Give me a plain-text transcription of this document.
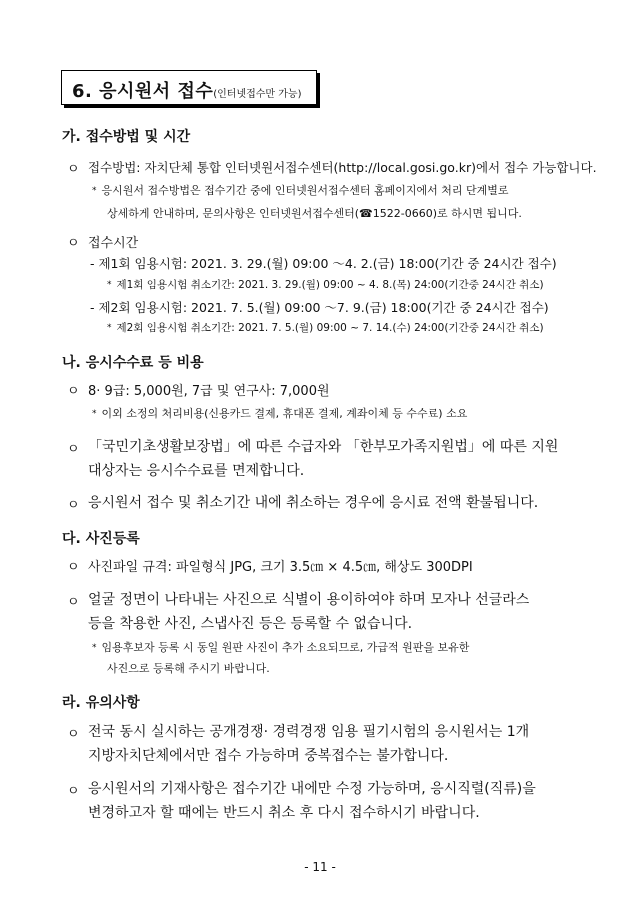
6. 응시원서 접수(인터넷접수만 가능)
가. 접수방법 및 시간
ㅇ 접수방법: 자치단체 통합 인터넷원서접수센터(http://local.gosi.go.kr)에서 접수 가능합니다.
* 응시원서 접수방법은 접수기간 중에 인터넷원서접수센터 홈페이지에서 처리 단계별로
상세하게 안내하며, 문의사항은 인터넷원서접수센터(☎1522-0660)로 하시면 됩니다.
ㅇ 접수시간
- 제1회 임용시험: 2021. 3. 29.(월) 09:00 ～4. 2.(금) 18:00(기간 중 24시간 접수)
* 제1회 임용시험 취소기간: 2021. 3. 29.(월) 09:00 ~ 4. 8.(목) 24:00(기간중 24시간 취소)
- 제2회 임용시험: 2021. 7. 5.(월) 09:00 ～7. 9.(금) 18:00(기간 중 24시간 접수)
* 제2회 임용시험 취소기간: 2021. 7. 5.(월) 09:00 ~ 7. 14.(수) 24:00(기간중 24시간 취소)
나. 응시수수료 등 비용
ㅇ 8· 9급: 5,000원, 7급 및 연구사: 7,000원
* 이외 소정의 처리비용(신용카드 결제, 휴대폰 결제, 계좌이체 등 수수료) 소요
ㅇ 「국민기초생활보장법」에 따른 수급자와 「한부모가족지원법」에 따른 지원
대상자는 응시수수료를 면제합니다.
ㅇ 응시원서 접수 및 취소기간 내에 취소하는 경우에 응시료 전액 환불됩니다.
다. 사진등록
ㅇ 사진파일 규격: 파일형식 JPG, 크기 3.5㎝ × 4.5㎝, 해상도 300DPI
ㅇ 얼굴 정면이 나타내는 사진으로 식별이 용이하여야 하며 모자나 선글라스
등을 착용한 사진, 스냅사진 등은 등록할 수 없습니다.
* 임용후보자 등록 시 동일 원판 사진이 추가 소요되므로, 가급적 원판을 보유한
사진으로 등록해 주시기 바랍니다.
라. 유의사항
ㅇ 전국 동시 실시하는 공개경쟁· 경력경쟁 임용 필기시험의 응시원서는 1개
지방자치단체에서만 접수 가능하며 중복접수는 불가합니다.
ㅇ 응시원서의 기재사항은 접수기간 내에만 수정 가능하며, 응시직렬(직류)을
변경하고자 할 때에는 반드시 취소 후 다시 접수하시기 바랍니다.
- 11 -
